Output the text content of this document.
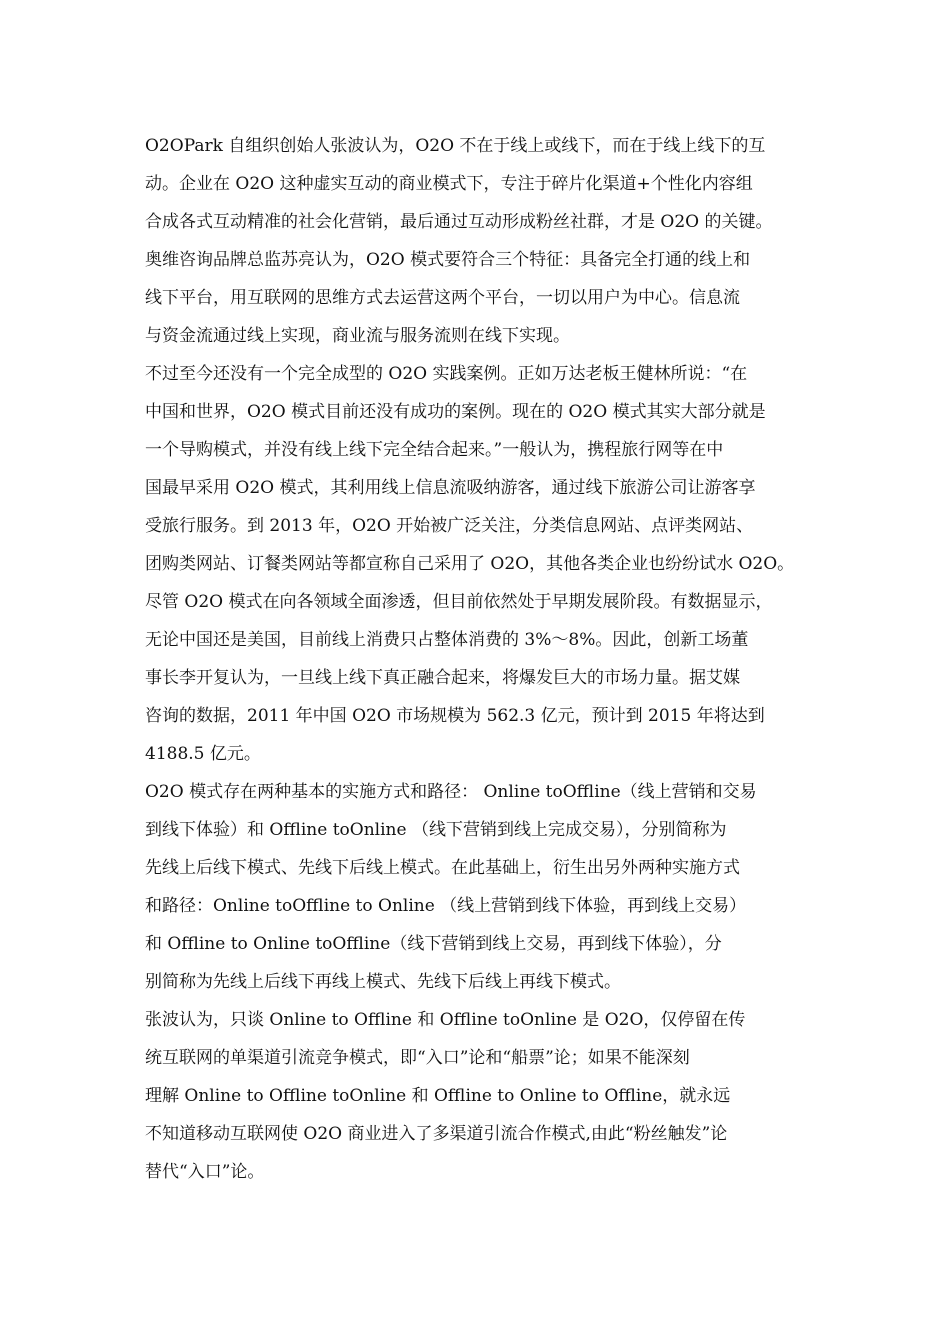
O2OPark 自组织创始人张波认为，O2O 不在于线上或线下，而在于线上线下的互
动。企业在 O2O 这种虚实互动的商业模式下，专注于碎片化渠道+个性化内容组
合成各式互动精准的社会化营销，最后通过互动形成粉丝社群，才是 O2O 的关键。

奥维咨询品牌总监苏亮认为，O2O 模式要符合三个特征：具备完全打通的线上和
线下平台，用互联网的思维方式去运营这两个平台，一切以用户为中心。信息流
与资金流通过线上实现，商业流与服务流则在线下实现。

不过至今还没有一个完全成型的 O2O 实践案例。正如万达老板王健林所说：“在
中国和世界，O2O 模式目前还没有成功的案例。现在的 O2O 模式其实大部分就是
一个导购模式，并没有线上线下完全结合起来。”一般认为，携程旅行网等在中
国最早采用 O2O 模式，其利用线上信息流吸纳游客，通过线下旅游公司让游客享
受旅行服务。到 2013 年，O2O 开始被广泛关注，分类信息网站、点评类网站、
团购类网站、订餐类网站等都宣称自己采用了 O2O，其他各类企业也纷纷试水 O2O。

尽管 O2O 模式在向各领域全面渗透，但目前依然处于早期发展阶段。有数据显示，
无论中国还是美国，目前线上消费只占整体消费的 3%～8%。因此，创新工场董
事长李开复认为，一旦线上线下真正融合起来，将爆发巨大的市场力量。据艾媒
咨询的数据，2011 年中国 O2O 市场规模为 562.3 亿元，预计到 2015 年将达到
4188.5 亿元。

O2O 模式存在两种基本的实施方式和路径： Online toOffline（线上营销和交易
到线下体验）和 Offline toOnline （线下营销到线上完成交易），分别简称为
先线上后线下模式、先线下后线上模式。在此基础上，衍生出另外两种实施方式
和路径：Online toOffline to Online （线上营销到线下体验，再到线上交易）
和 Offline to Online toOffline（线下营销到线上交易，再到线下体验），分
别简称为先线上后线下再线上模式、先线下后线上再线下模式。

张波认为，只谈 Online to Offline 和 Offline toOnline 是 O2O，仅停留在传
统互联网的单渠道引流竞争模式，即“入口”论和“船票”论；如果不能深刻
理解 Online to Offline toOnline 和 Offline to Online to Offline，就永远
不知道移动互联网使 O2O 商业进入了多渠道引流合作模式,由此“粉丝触发”论
替代“入口”论。
